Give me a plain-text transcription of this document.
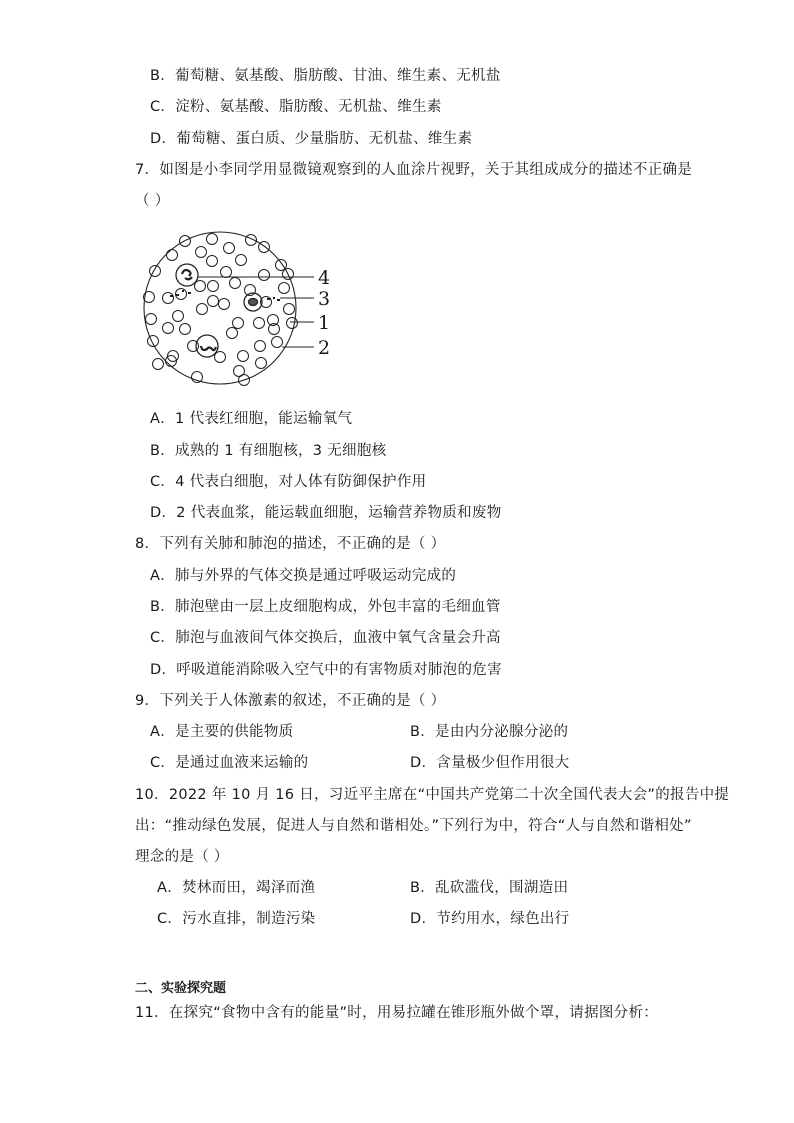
B．葡萄糖、氨基酸、脂肪酸、甘油、维生素、无机盐
C．淀粉、氨基酸、脂肪酸、无机盐、维生素
D．葡萄糖、蛋白质、少量脂肪、无机盐、维生素
7．如图是小李同学用显微镜观察到的人血涂片视野，关于其组成成分的描述不正确是
（ ）
4
3
1
2
A．1 代表红细胞，能运输氧气
B．成熟的 1 有细胞核，3 无细胞核
C．4 代表白细胞，对人体有防御保护作用
D．2 代表血浆，能运载血细胞，运输营养物质和废物
8．下列有关肺和肺泡的描述，不正确的是（ ）
A．肺与外界的气体交换是通过呼吸运动完成的
B．肺泡壁由一层上皮细胞构成，外包丰富的毛细血管
C．肺泡与血液间气体交换后，血液中氧气含量会升高
D．呼吸道能消除吸入空气中的有害物质对肺泡的危害
9．下列关于人体激素的叙述，不正确的是（ ）
A．是主要的供能物质	B．是由内分泌腺分泌的
C．是通过血液来运输的	D．含量极少但作用很大
10．2022 年 10 月 16 日，习近平主席在“中国共产党第二十次全国代表大会”的报告中提
出：“推动绿色发展，促进人与自然和谐相处。”下列行为中，符合“人与自然和谐相处”
理念的是（ ）
A．焚林而田，竭泽而渔	B．乱砍滥伐，围湖造田
C．污水直排，制造污染	D．节约用水，绿色出行
二、实验探究题
11．在探究“食物中含有的能量”时，用易拉罐在锥形瓶外做个罩，请据图分析：
